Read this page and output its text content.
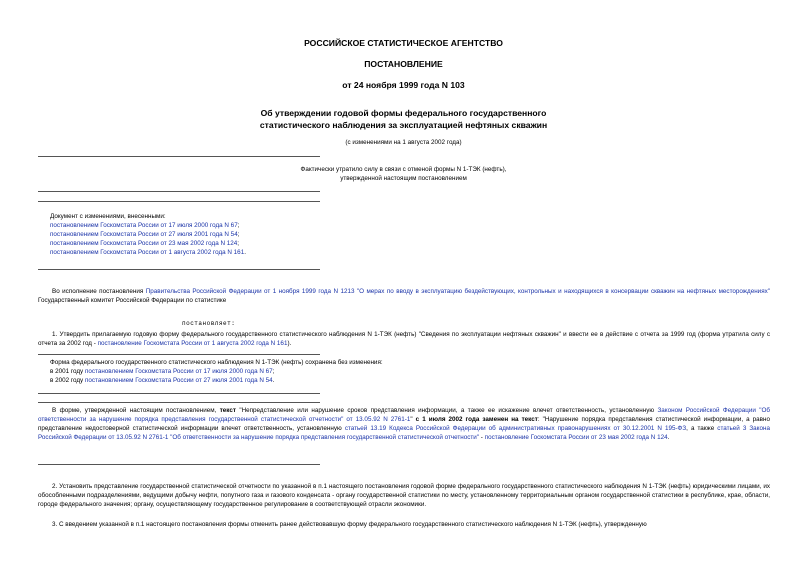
РОССИЙСКОЕ СТАТИСТИЧЕСКОЕ АГЕНТСТВО
ПОСТАНОВЛЕНИЕ
от 24 ноября 1999 года N 103
Об утверждении годовой формы федерального государственного
статистического наблюдения за эксплуатацией нефтяных скважин
(с изменениями на 1 августа 2002 года)
Фактически утратило силу в связи с отменой формы N 1-ТЭК (нефть),
утвержденной настоящим постановлением
Документ с изменениями, внесенными:
постановлением Госкомстата России от 17 июля 2000 года N 67;
постановлением Госкомстата России от 27 июля 2001 года N 54;
постановлением Госкомстата России от 23 мая 2002 года N 124;
постановлением Госкомстата России от 1 августа 2002 года N 161.
Во исполнение постановления Правительства Российской Федерации от 1 ноября 1999 года N 1213 "О мерах по вводу в эксплуатацию бездействующих, контрольных и находящихся в консервации скважин на нефтяных месторождениях" Государственный комитет Российской Федерации по статистике
постановляет:
1. Утвердить прилагаемую годовую форму федерального государственного статистического наблюдения N 1-ТЭК (нефть) "Сведения по эксплуатации нефтяных скважин" и ввести ее в действие с отчета за 1999 год (форма утратила силу с отчета за 2002 год - постановление Госкомстата России от 1 августа 2002 года N 161).
Форма федерального государственного статистического наблюдения N 1-ТЭК (нефть) сохранена без изменения:
в 2001 году постановлением Госкомстата России от 17 июля 2000 года N 67;
в 2002 году постановлением Госкомстата России от 27 июля 2001 года N 54.
В форме, утвержденной настоящим постановлением, текст "Непредставление или нарушение сроков представления информации, а также ее искажение влечет ответственность, установленную Законом Российской Федерации "Об ответственности за нарушение порядка представления государственной статистической отчетности" от 13.05.92 N 2761-1" с 1 июля 2002 года заменен на текст: "Нарушение порядка представления статистической информации, а равно представление недостоверной статистической информации влечет ответственность, установленную статьей 13.19 Кодекса Российской Федерации об административных правонарушениях от 30.12.2001 N 195-ФЗ, а также статьей 3 Закона Российской Федерации от 13.05.92 N 2761-1 "Об ответственности за нарушение порядка представления государственной статистической отчетности" - постановление Госкомстата России от 23 мая 2002 года N 124.
2. Установить представление государственной статистической отчетности по указанной в п.1 настоящего постановления годовой форме федерального государственного статистического наблюдения N 1-ТЭК (нефть) юридическими лицами, их обособленными подразделениями, ведущими добычу нефти, попутного газа и газового конденсата - органу государственной статистики по месту, установленному территориальным органом государственной статистики в республике, крае, области, городе федерального значения; органу, осуществляющему государственное регулирование в соответствующей отрасли экономики.
3. С введением указанной в п.1 настоящего постановления формы отменить ранее действовавшую форму федерального государственного статистического наблюдения N 1-ТЭК (нефть), утвержденную
